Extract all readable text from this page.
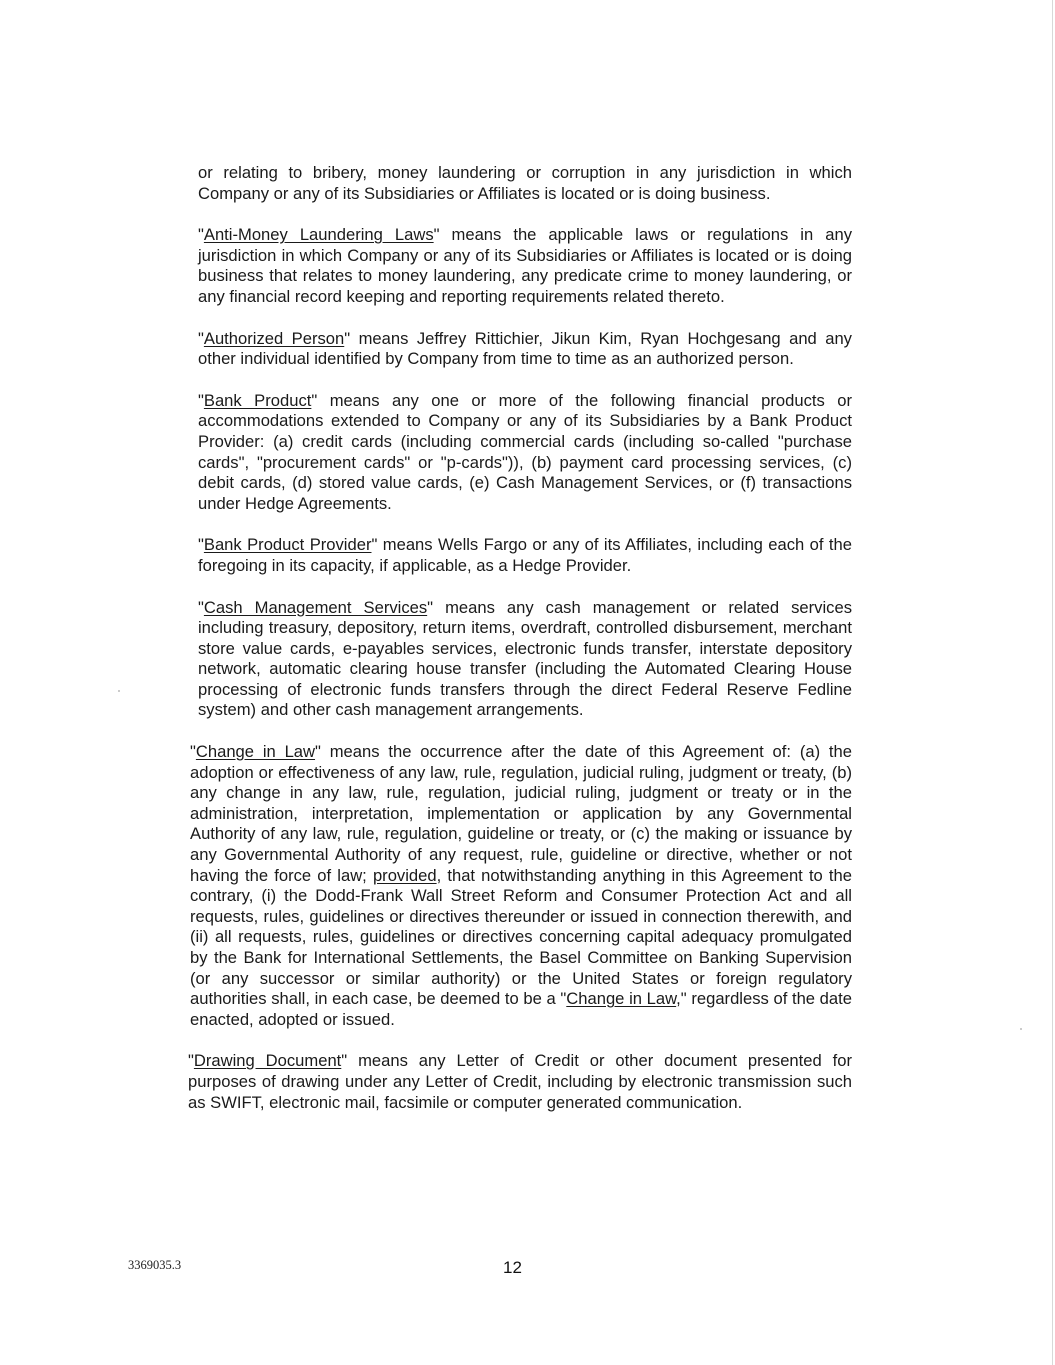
or relating to bribery, money laundering or corruption in any jurisdiction in which Company or any of its Subsidiaries or Affiliates is located or is doing business.

"Anti-Money Laundering Laws" means the applicable laws or regulations in any jurisdiction in which Company or any of its Subsidiaries or Affiliates is located or is doing business that relates to money laundering, any predicate crime to money laundering, or any financial record keeping and reporting requirements related thereto.

"Authorized Person" means Jeffrey Rittichier, Jikun Kim, Ryan Hochgesang and any other individual identified by Company from time to time as an authorized person.

"Bank Product" means any one or more of the following financial products or accommodations extended to Company or any of its Subsidiaries by a Bank Product Provider: (a) credit cards (including commercial cards (including so-called "purchase cards", "procurement cards" or "p-cards")), (b) payment card processing services, (c) debit cards, (d) stored value cards, (e) Cash Management Services, or (f) transactions under Hedge Agreements.

"Bank Product Provider" means Wells Fargo or any of its Affiliates, including each of the foregoing in its capacity, if applicable, as a Hedge Provider.

"Cash Management Services" means any cash management or related services including treasury, depository, return items, overdraft, controlled disbursement, merchant store value cards, e-payables services, electronic funds transfer, interstate depository network, automatic clearing house transfer (including the Automated Clearing House processing of electronic funds transfers through the direct Federal Reserve Fedline system) and other cash management arrangements.

"Change in Law" means the occurrence after the date of this Agreement of: (a) the adoption or effectiveness of any law, rule, regulation, judicial ruling, judgment or treaty, (b) any change in any law, rule, regulation, judicial ruling, judgment or treaty or in the administration, interpretation, implementation or application by any Governmental Authority of any law, rule, regulation, guideline or treaty, or (c) the making or issuance by any Governmental Authority of any request, rule, guideline or directive, whether or not having the force of law; provided, that notwithstanding anything in this Agreement to the contrary, (i) the Dodd-Frank Wall Street Reform and Consumer Protection Act and all requests, rules, guidelines or directives thereunder or issued in connection therewith, and (ii) all requests, rules, guidelines or directives concerning capital adequacy promulgated by the Bank for International Settlements, the Basel Committee on Banking Supervision (or any successor or similar authority) or the United States or foreign regulatory authorities shall, in each case, be deemed to be a "Change in Law," regardless of the date enacted, adopted or issued.

"Drawing Document" means any Letter of Credit or other document presented for purposes of drawing under any Letter of Credit, including by electronic transmission such as SWIFT, electronic mail, facsimile or computer generated communication.

3369035.3	12
